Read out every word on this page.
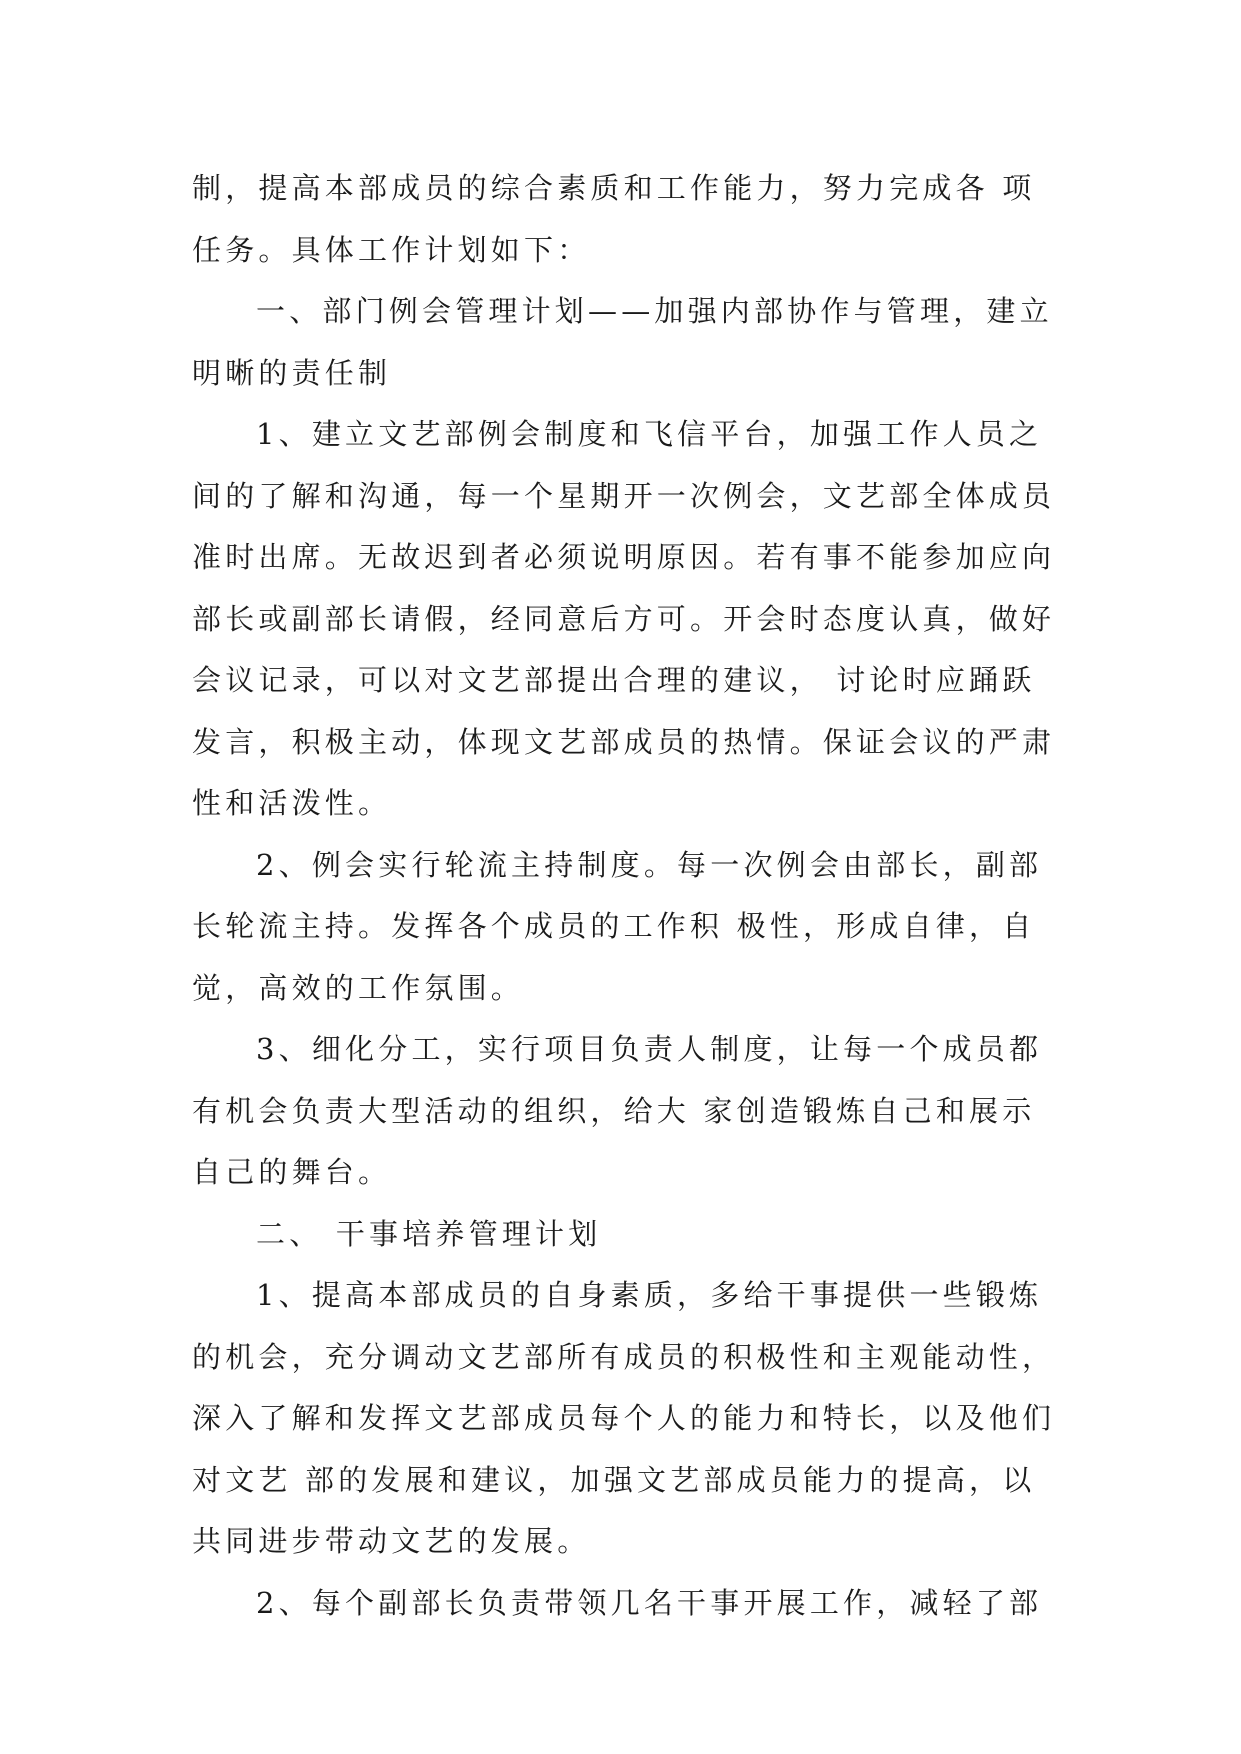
制，提高本部成员的综合素质和工作能力，努力完成各 项
任务。具体工作计划如下：
一、部门例会管理计划——加强内部协作与管理，建立
明晰的责任制
1、建立文艺部例会制度和飞信平台，加强工作人员之
间的了解和沟通，每一个星期开一次例会，文艺部全体成员
准时出席。无故迟到者必须说明原因。若有事不能参加应向
部长或副部长请假，经同意后方可。开会时态度认真，做好
会议记录，可以对文艺部提出合理的建议， 讨论时应踊跃
发言，积极主动，体现文艺部成员的热情。保证会议的严肃
性和活泼性。
2、例会实行轮流主持制度。每一次例会由部长，副部
长轮流主持。发挥各个成员的工作积 极性，形成自律，自
觉，高效的工作氛围。
3、细化分工，实行项目负责人制度，让每一个成员都
有机会负责大型活动的组织，给大 家创造锻炼自己和展示
自己的舞台。
二、 干事培养管理计划
1、提高本部成员的自身素质，多给干事提供一些锻炼
的机会，充分调动文艺部所有成员的积极性和主观能动性，
深入了解和发挥文艺部成员每个人的能力和特长，以及他们
对文艺 部的发展和建议，加强文艺部成员能力的提高，以
共同进步带动文艺的发展。
2、每个副部长负责带领几名干事开展工作，减轻了部
